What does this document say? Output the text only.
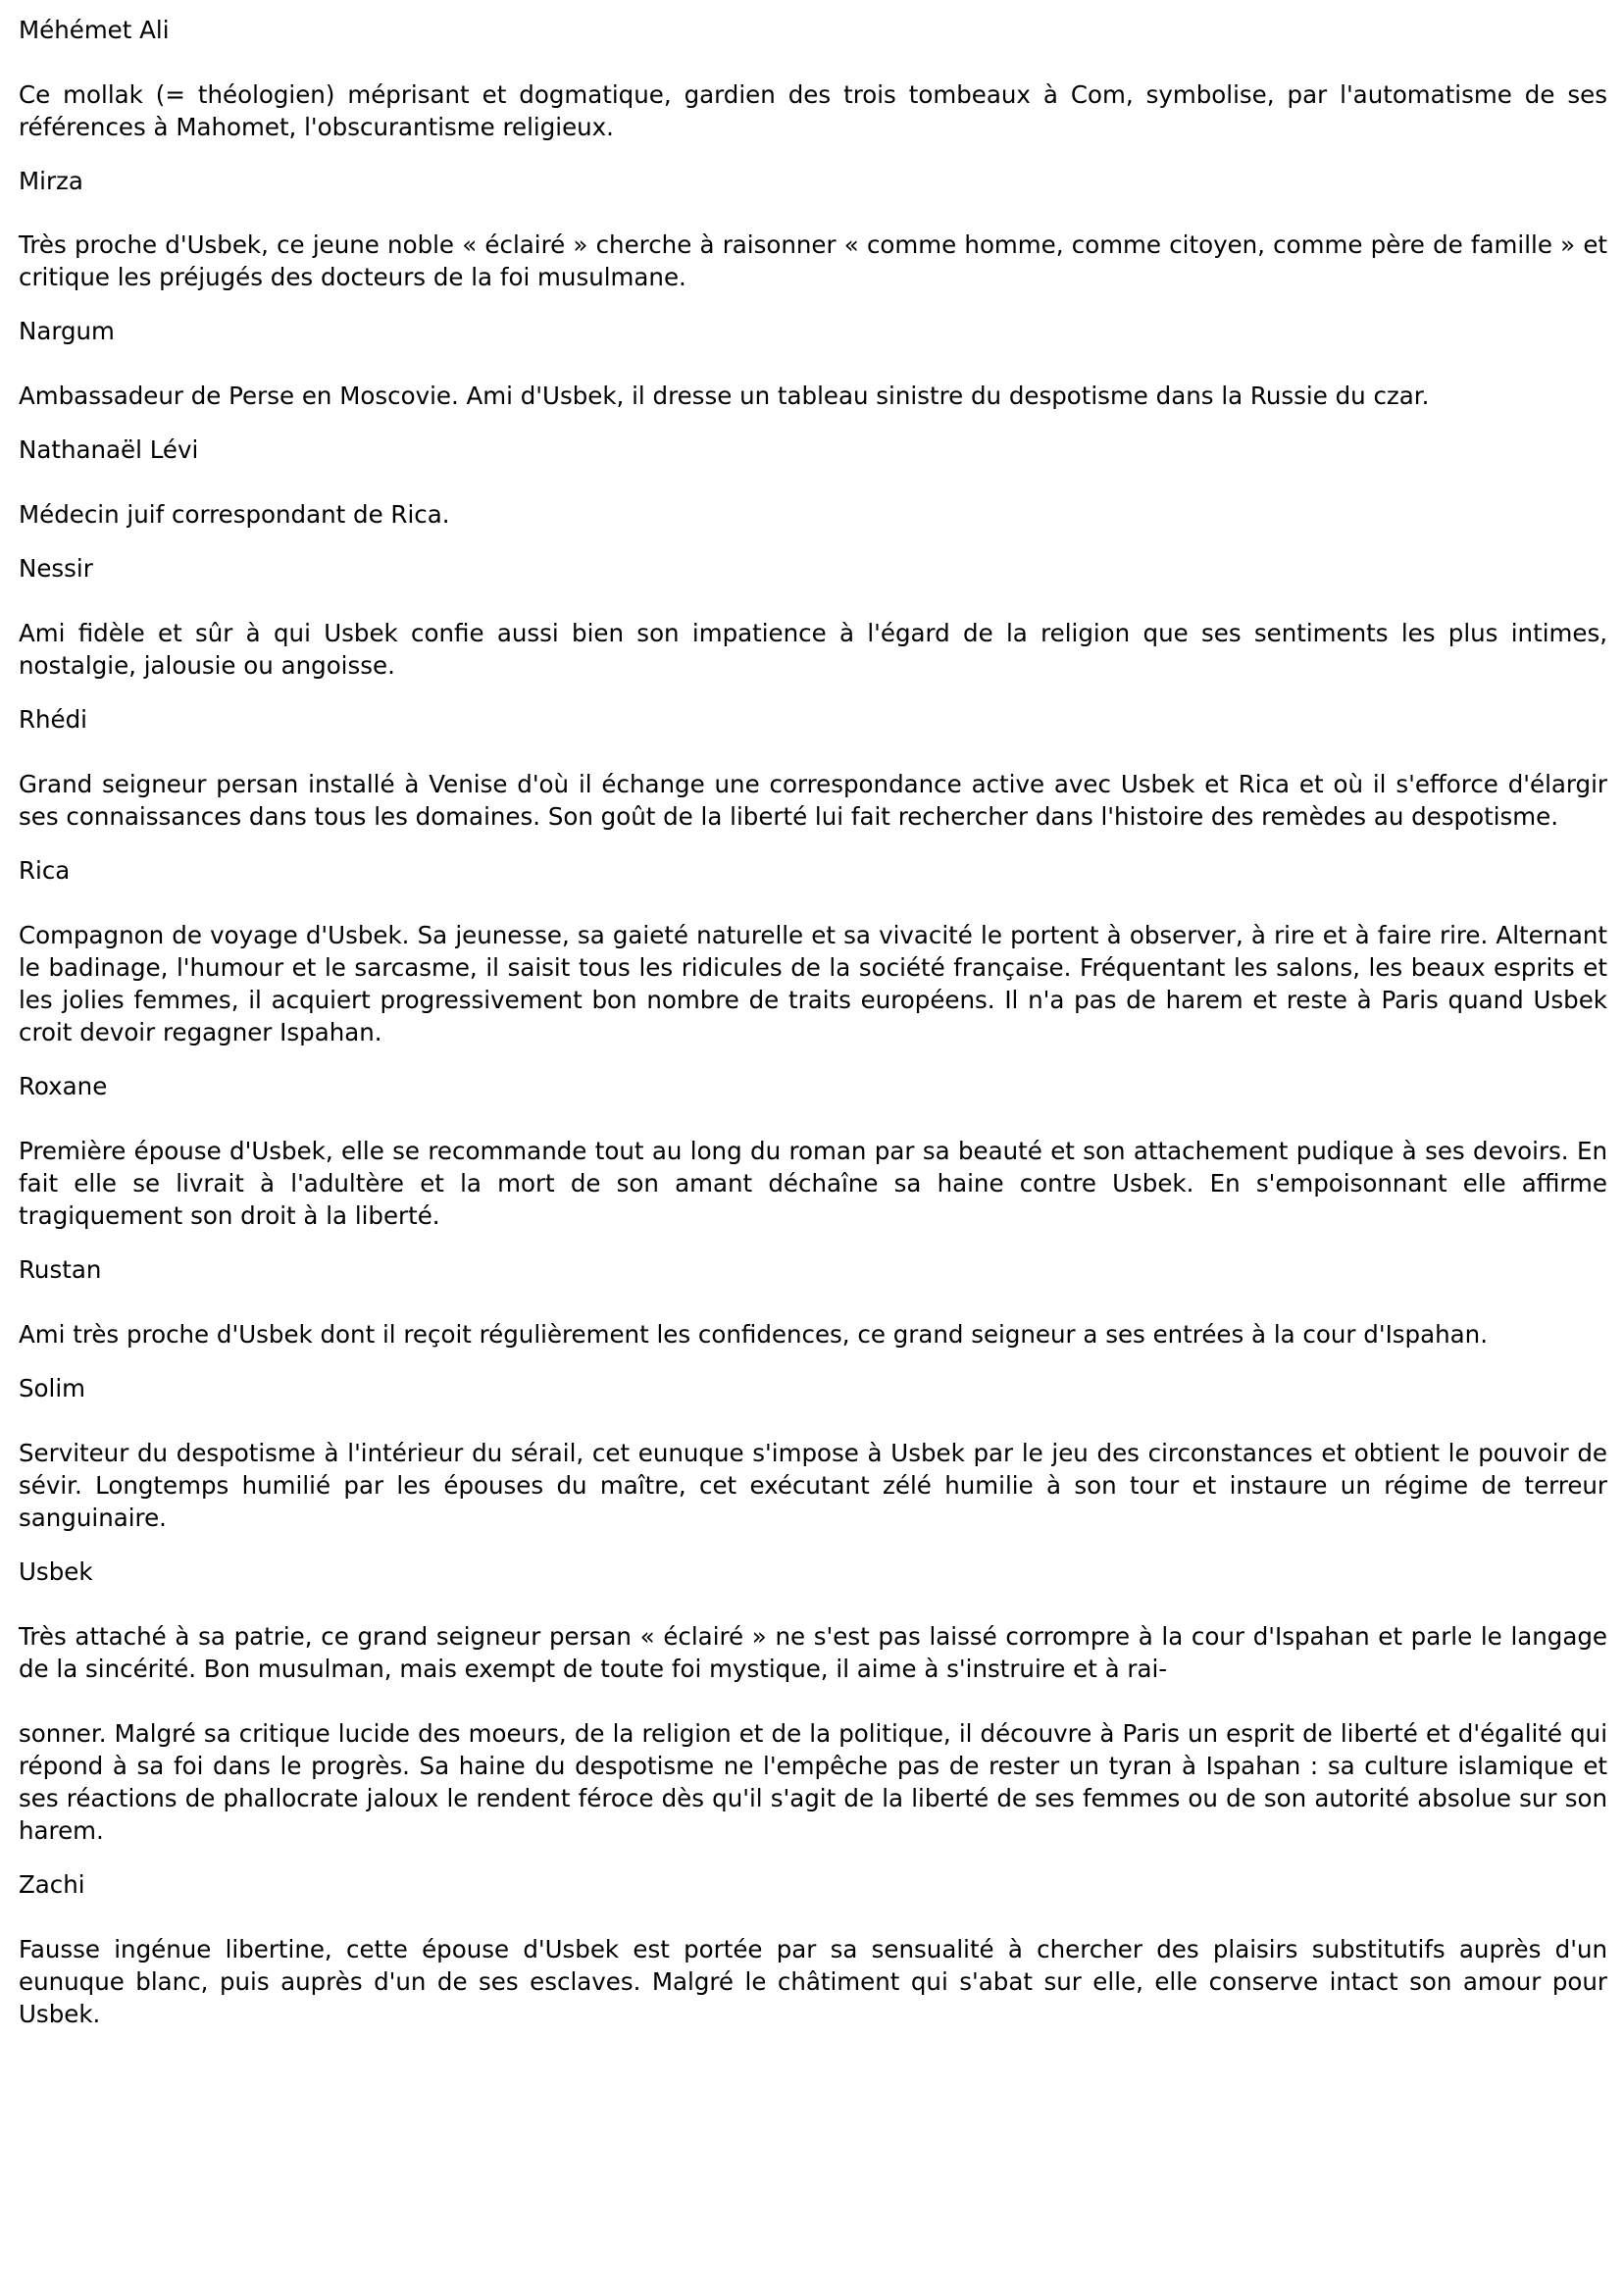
Méhémet Ali

Ce mollak (= théologien) méprisant et dogmatique, gardien des trois tombeaux à Com, symbolise, par l'automatisme de ses références à Mahomet, l'obscurantisme religieux.

Mirza

Très proche d'Usbek, ce jeune noble « éclairé » cherche à raisonner « comme homme, comme citoyen, comme père de famille » et critique les préjugés des docteurs de la foi musulmane.

Nargum

Ambassadeur de Perse en Moscovie. Ami d'Usbek, il dresse un tableau sinistre du despotisme dans la Russie du czar.

Nathanaël Lévi

Médecin juif correspondant de Rica.

Nessir

Ami fidèle et sûr à qui Usbek confie aussi bien son impatience à l'égard de la religion que ses sentiments les plus intimes, nostalgie, jalousie ou angoisse.

Rhédi

Grand seigneur persan installé à Venise d'où il échange une correspondance active avec Usbek et Rica et où il s'efforce d'élargir ses connaissances dans tous les domaines. Son goût de la liberté lui fait rechercher dans l'histoire des remèdes au despotisme.

Rica

Compagnon de voyage d'Usbek. Sa jeunesse, sa gaieté naturelle et sa vivacité le portent à observer, à rire et à faire rire. Alternant le badinage, l'humour et le sarcasme, il saisit tous les ridicules de la société française. Fréquentant les salons, les beaux esprits et les jolies femmes, il acquiert progressivement bon nombre de traits européens. Il n'a pas de harem et reste à Paris quand Usbek croit devoir regagner Ispahan.

Roxane

Première épouse d'Usbek, elle se recommande tout au long du roman par sa beauté et son attachement pudique à ses devoirs. En fait elle se livrait à l'adultère et la mort de son amant déchaîne sa haine contre Usbek. En s'empoisonnant elle affirme tragiquement son droit à la liberté.

Rustan

Ami très proche d'Usbek dont il reçoit régulièrement les confidences, ce grand seigneur a ses entrées à la cour d'Ispahan.

Solim

Serviteur du despotisme à l'intérieur du sérail, cet eunuque s'impose à Usbek par le jeu des circonstances et obtient le pouvoir de sévir. Longtemps humilié par les épouses du maître, cet exécutant zélé humilie à son tour et instaure un régime de terreur sanguinaire.

Usbek

Très attaché à sa patrie, ce grand seigneur persan « éclairé » ne s'est pas laissé corrompre à la cour d'Ispahan et parle le langage de la sincérité. Bon musulman, mais exempt de toute foi mystique, il aime à s'instruire et à rai-

sonner. Malgré sa critique lucide des moeurs, de la religion et de la politique, il découvre à Paris un esprit de liberté et d'égalité qui répond à sa foi dans le progrès. Sa haine du despotisme ne l'empêche pas de rester un tyran à Ispahan : sa culture islamique et ses réactions de phallocrate jaloux le rendent féroce dès qu'il s'agit de la liberté de ses femmes ou de son autorité absolue sur son harem.

Zachi

Fausse ingénue libertine, cette épouse d'Usbek est portée par sa sensualité à chercher des plaisirs substitutifs auprès d'un eunuque blanc, puis auprès d'un de ses esclaves. Malgré le châtiment qui s'abat sur elle, elle conserve intact son amour pour Usbek.
